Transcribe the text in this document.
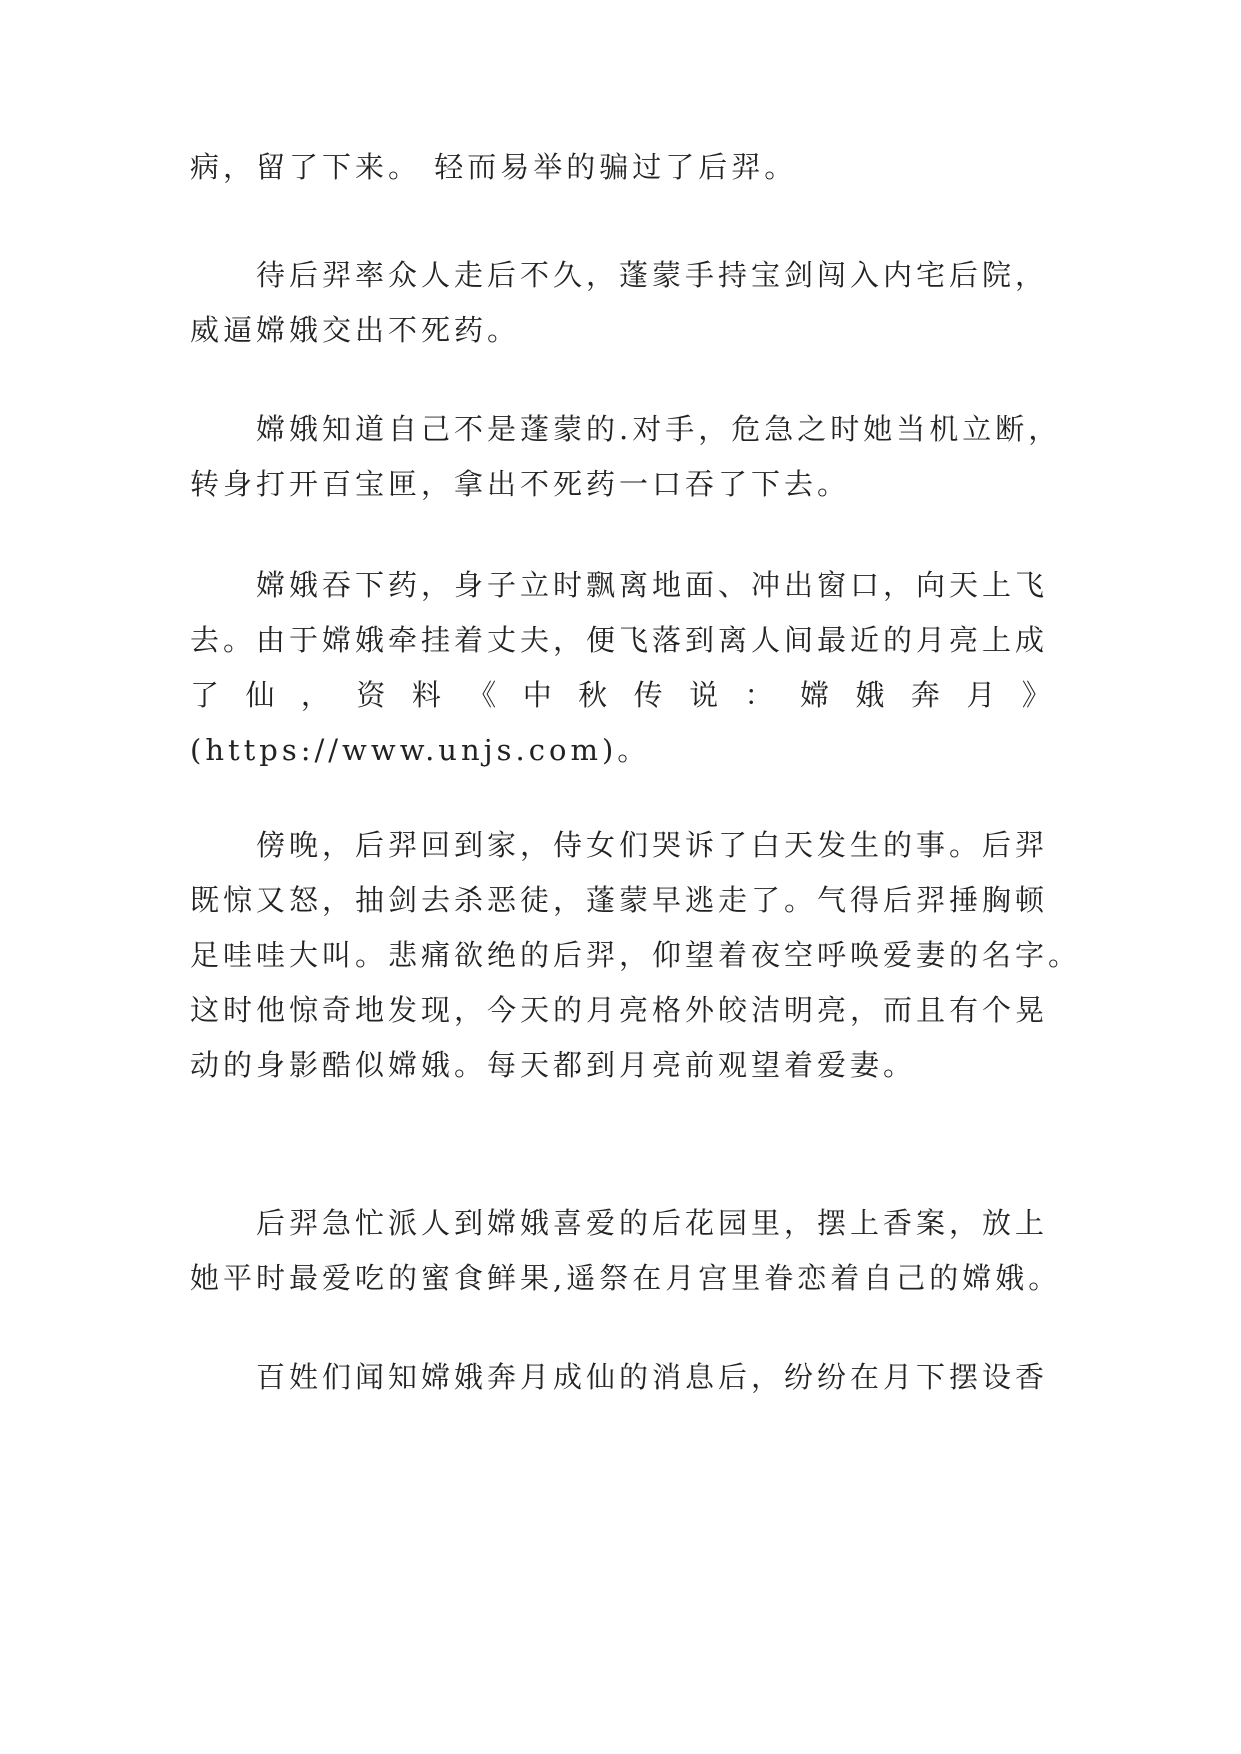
病，留了下来。 轻而易举的骗过了后羿。
待后羿率众人走后不久，蓬蒙手持宝剑闯入内宅后院，
威逼嫦娥交出不死药。
嫦娥知道自己不是蓬蒙的.对手，危急之时她当机立断，
转身打开百宝匣，拿出不死药一口吞了下去。
嫦娥吞下药，身子立时飘离地面、冲出窗口，向天上飞
去。由于嫦娥牵挂着丈夫，便飞落到离人间最近的月亮上成
了 仙 ， 资 料 《 中 秋 传 说 ： 嫦 娥 奔 月 》
(https://www.unjs.com)。
傍晚，后羿回到家，侍女们哭诉了白天发生的事。后羿
既惊又怒，抽剑去杀恶徒，蓬蒙早逃走了。气得后羿捶胸顿
足哇哇大叫。悲痛欲绝的后羿，仰望着夜空呼唤爱妻的名字。
这时他惊奇地发现，今天的月亮格外皎洁明亮，而且有个晃
动的身影酷似嫦娥。每天都到月亮前观望着爱妻。
后羿急忙派人到嫦娥喜爱的后花园里，摆上香案，放上
她平时最爱吃的蜜食鲜果,遥祭在月宫里眷恋着自己的嫦娥。
百姓们闻知嫦娥奔月成仙的消息后，纷纷在月下摆设香
